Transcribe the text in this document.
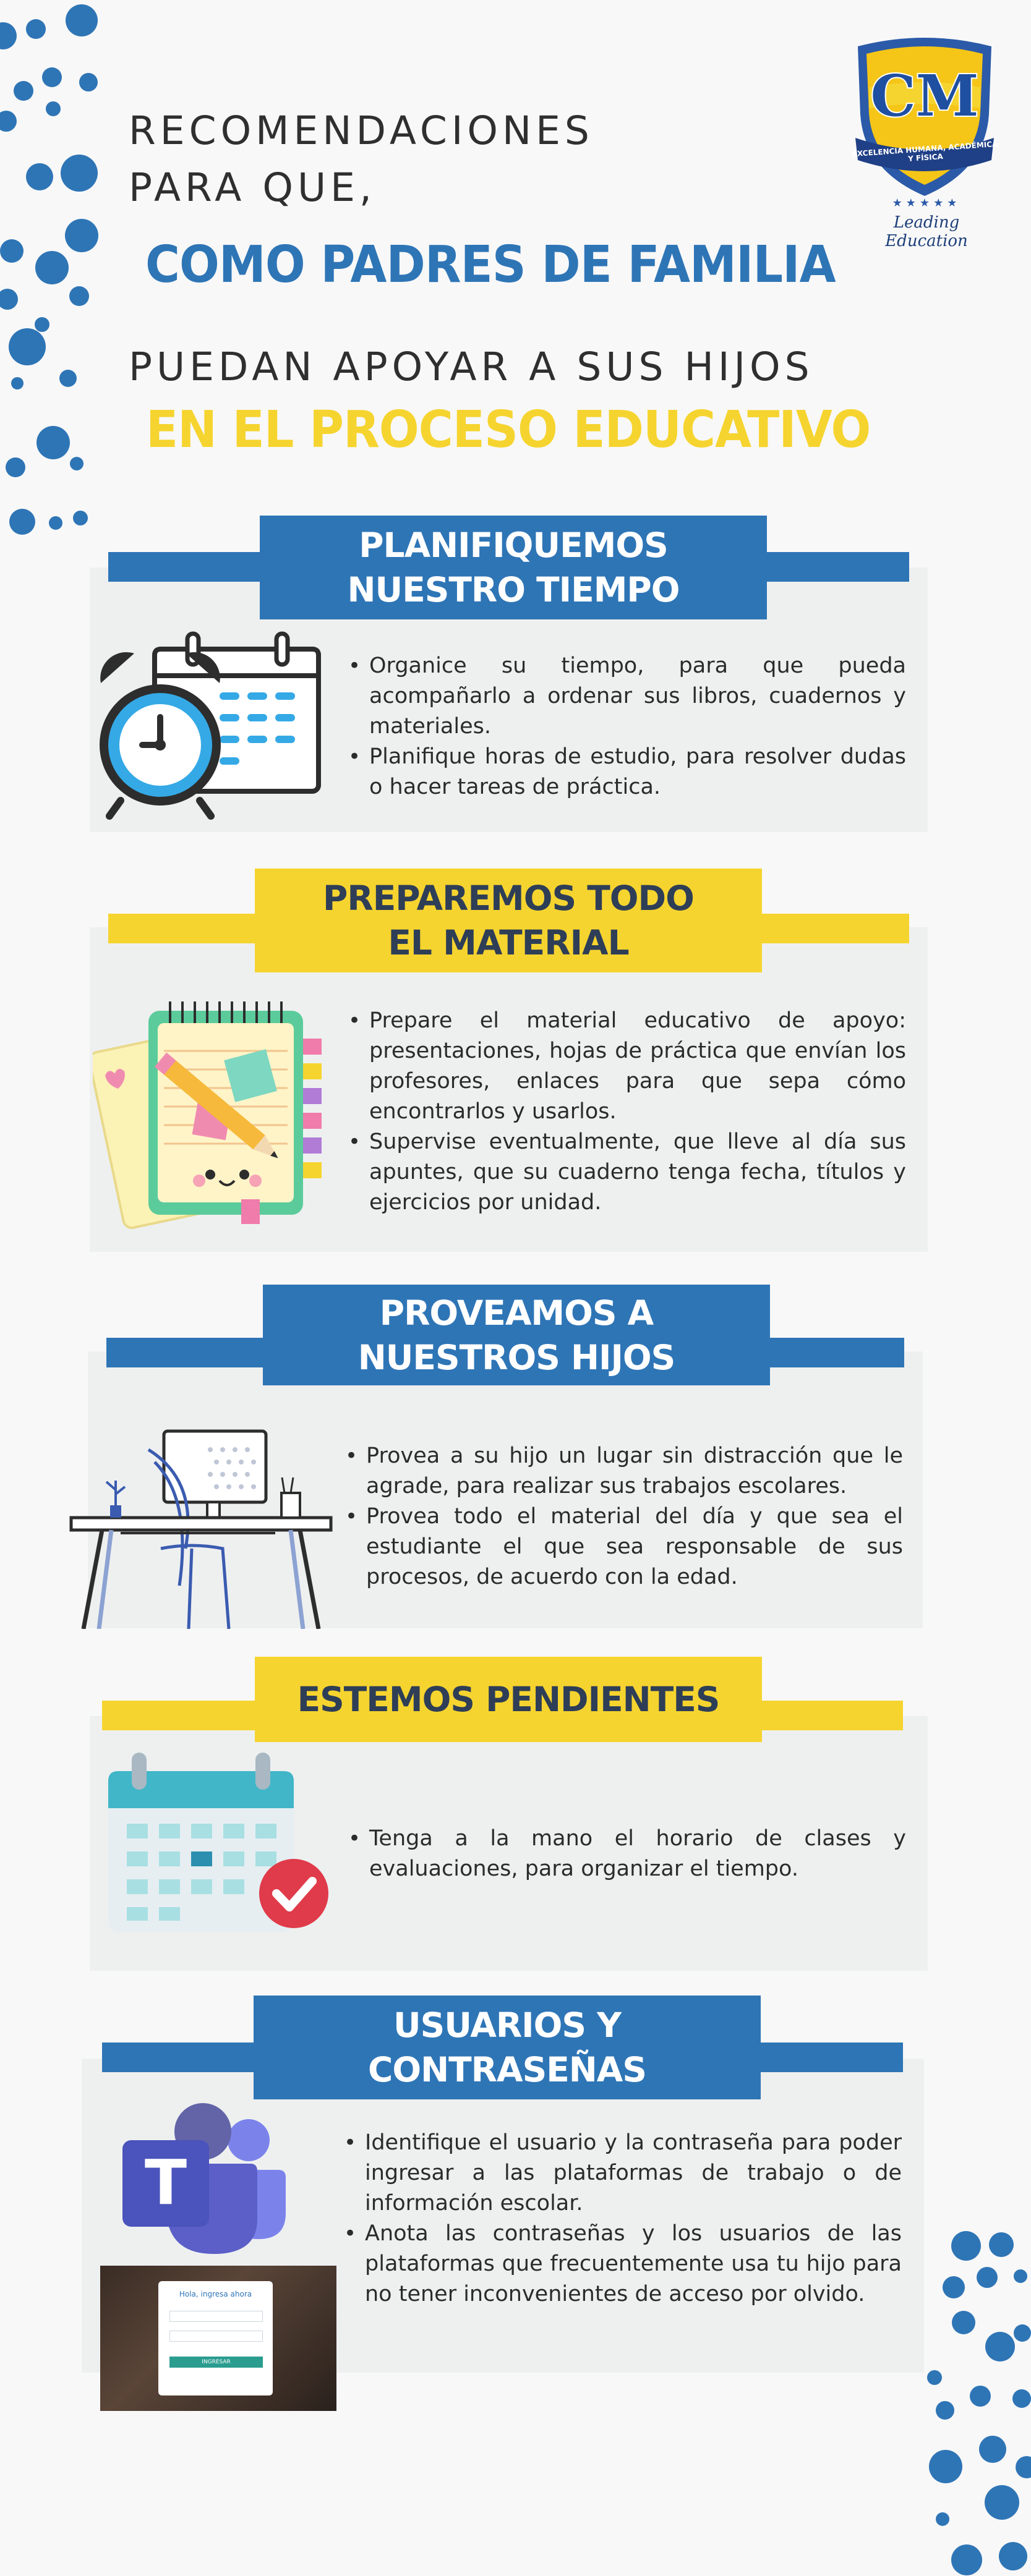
RECOMENDACIONES
PARA QUE,
COMO PADRES DE FAMILIA
PUEDAN APOYAR A SUS HIJOS
EN EL PROCESO EDUCATIVO
CM
EXCELENCIA HUMANA, ACADÉMICA Y FÍSICA
★★★★★
Leading Education
PLANIFIQUEMOS
NUESTRO TIEMPO
• Organice su tiempo, para que pueda acompañarlo a ordenar sus libros, cuadernos y materiales.
• Planifique horas de estudio, para resolver dudas o hacer tareas de práctica.
PREPAREMOS TODO
EL MATERIAL
• Prepare el material educativo de apoyo: presentaciones, hojas de práctica que envían los profesores, enlaces para que sepa cómo encontrarlos y usarlos.
• Supervise eventualmente, que lleve al día sus apuntes, que su cuaderno tenga fecha, títulos y ejercicios por unidad.
PROVEAMOS A
NUESTROS HIJOS
• Provea a su hijo un lugar sin distracción que le agrade, para realizar sus trabajos escolares.
• Provea todo el material del día y que sea el estudiante el que sea responsable de sus procesos, de acuerdo con la edad.
ESTEMOS PENDIENTES
• Tenga a la mano el horario de clases y evaluaciones, para organizar el tiempo.
USUARIOS Y
CONTRASEÑAS
T
Hola, ingresa ahora
INGRESAR
• Identifique el usuario y la contraseña para poder ingresar a las plataformas de trabajo o de información escolar.
• Anota las contraseñas y los usuarios de las plataformas que frecuentemente usa tu hijo para no tener inconvenientes de acceso por olvido.
